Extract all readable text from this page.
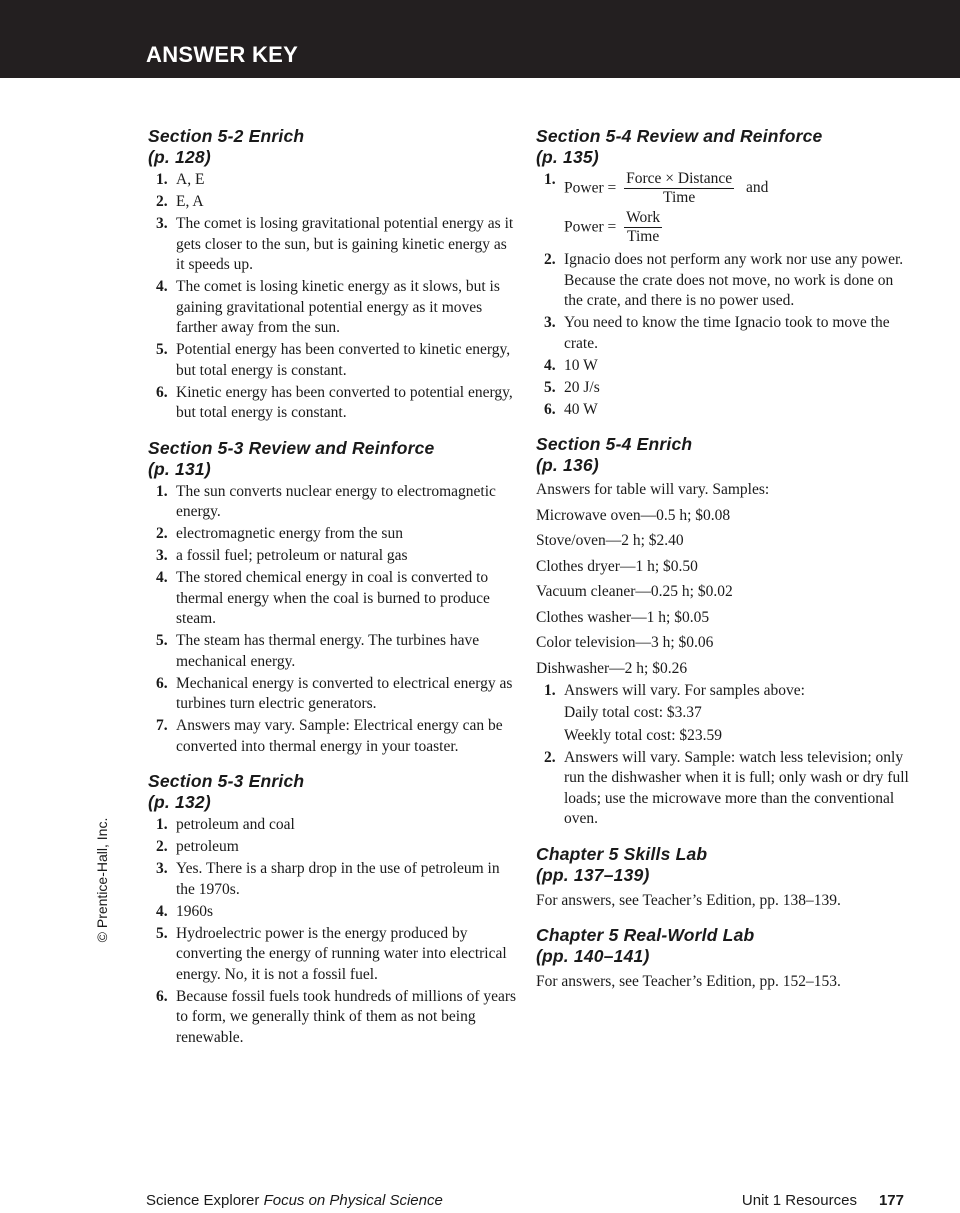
ANSWER KEY
© Prentice-Hall, Inc.
Section 5-2 Enrich
(p. 128)
1. A, E
2. E, A
3. The comet is losing gravitational potential energy as it gets closer to the sun, but is gaining kinetic energy as it speeds up.
4. The comet is losing kinetic energy as it slows, but is gaining gravitational potential energy as it moves farther away from the sun.
5. Potential energy has been converted to kinetic energy, but total energy is constant.
6. Kinetic energy has been converted to potential energy, but total energy is constant.
Section 5-3 Review and Reinforce
(p. 131)
1. The sun converts nuclear energy to electromagnetic energy.
2. electromagnetic energy from the sun
3. a fossil fuel; petroleum or natural gas
4. The stored chemical energy in coal is converted to thermal energy when the coal is burned to produce steam.
5. The steam has thermal energy. The turbines have mechanical energy.
6. Mechanical energy is converted to electrical energy as turbines turn electric generators.
7. Answers may vary. Sample: Electrical energy can be converted into thermal energy in your toaster.
Section 5-3 Enrich
(p. 132)
1. petroleum and coal
2. petroleum
3. Yes. There is a sharp drop in the use of petroleum in the 1970s.
4. 1960s
5. Hydroelectric power is the energy produced by converting the energy of running water into electrical energy. No, it is not a fossil fuel.
6. Because fossil fuels took hundreds of millions of years to form, we generally think of them as not being renewable.
Section 5-4 Review and Reinforce
(p. 135)
1. Power = $\frac{\text{Force × Distance}}{\text{Time}}$ and
Power = $\frac{\text{Work}}{\text{Time}}$
2. Ignacio does not perform any work nor use any power. Because the crate does not move, no work is done on the crate, and there is no power used.
3. You need to know the time Ignacio took to move the crate.
4. 10 W
5. 20 J/s
6. 40 W
Section 5-4 Enrich
(p. 136)

Answers for table will vary. Samples:

Microwave oven—0.5 h; $0.08

Stove/oven—2 h; $2.40

Clothes dryer—1 h; $0.50

Vacuum cleaner—0.25 h; $0.02

Clothes washer—1 h; $0.05

Color television—3 h; $0.06

Dishwasher—2 h; $0.26

1. Answers will vary. For samples above:
Daily total cost: $3.37
Weekly total cost: $23.59
2. Answers will vary. Sample: watch less television; only run the dishwasher when it is full; only wash or dry full loads; use the microwave more than the conventional oven.
Chapter 5 Skills Lab
(pp. 137–139)
For answers, see Teacher’s Edition, pp. 138–139.
Chapter 5 Real-World Lab
(pp. 140–141)
For answers, see Teacher’s Edition, pp. 152–153.
Science Explorer Focus on Physical Science	Unit 1 Resources 177
